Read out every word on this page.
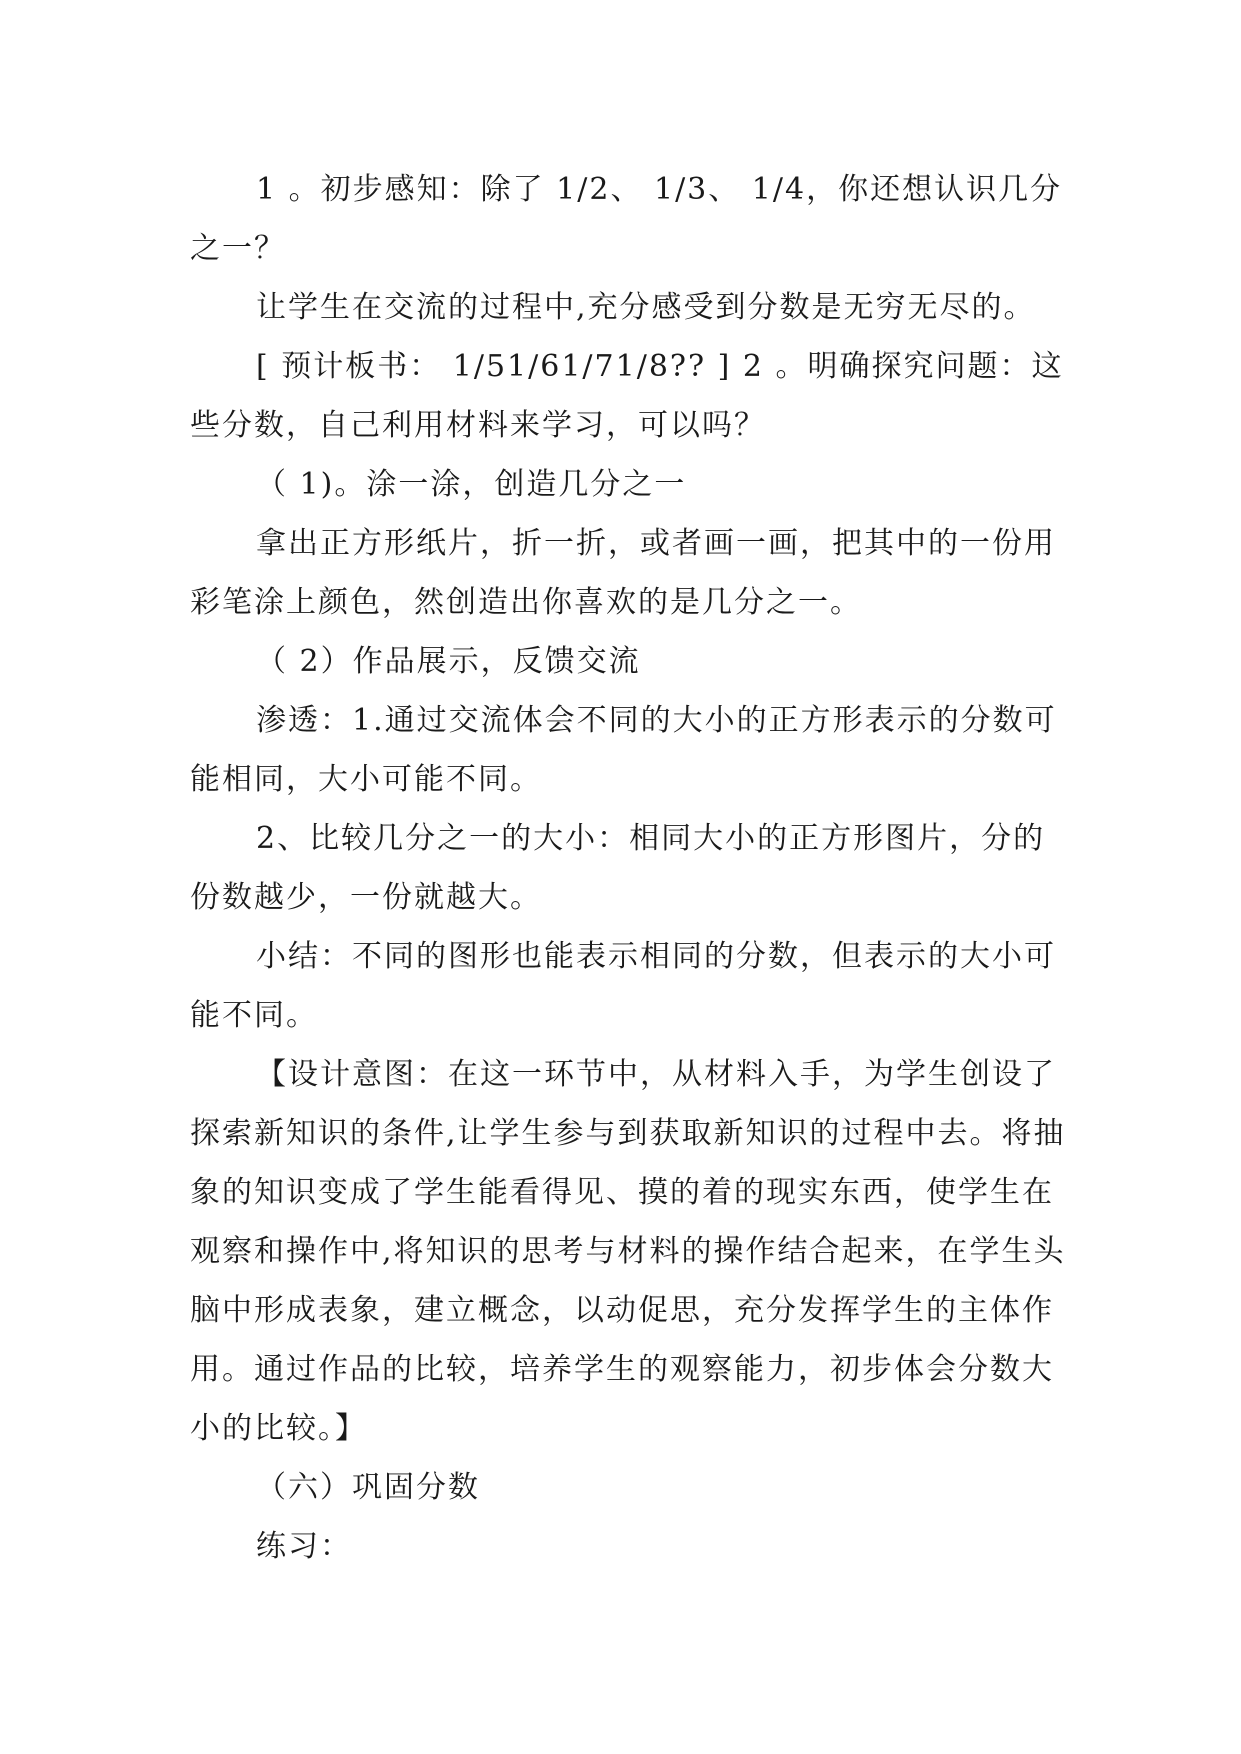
1 。初步感知：除了 1/2、 1/3、 1/4，你还想认识几分之一？

让学生在交流的过程中,充分感受到分数是无穷无尽的。

[ 预计板书： 1/51/61/71/8?? ] 2 。明确探究问题：这些分数，自己利用材料来学习，可以吗？

（ 1)。涂一涂，创造几分之一

拿出正方形纸片，折一折，或者画一画，把其中的一份用彩笔涂上颜色，然创造出你喜欢的是几分之一。

（ 2）作品展示，反馈交流

渗透：1.通过交流体会不同的大小的正方形表示的分数可能相同，大小可能不同。

2、比较几分之一的大小：相同大小的正方形图片，分的份数越少，一份就越大。

小结：不同的图形也能表示相同的分数，但表示的大小可能不同。

【设计意图：在这一环节中，从材料入手，为学生创设了探索新知识的条件,让学生参与到获取新知识的过程中去。将抽象的知识变成了学生能看得见、摸的着的现实东西，使学生在观察和操作中,将知识的思考与材料的操作结合起来，在学生头脑中形成表象，建立概念，以动促思，充分发挥学生的主体作用。通过作品的比较，培养学生的观察能力，初步体会分数大小的比较。】

（六）巩固分数

练习：
